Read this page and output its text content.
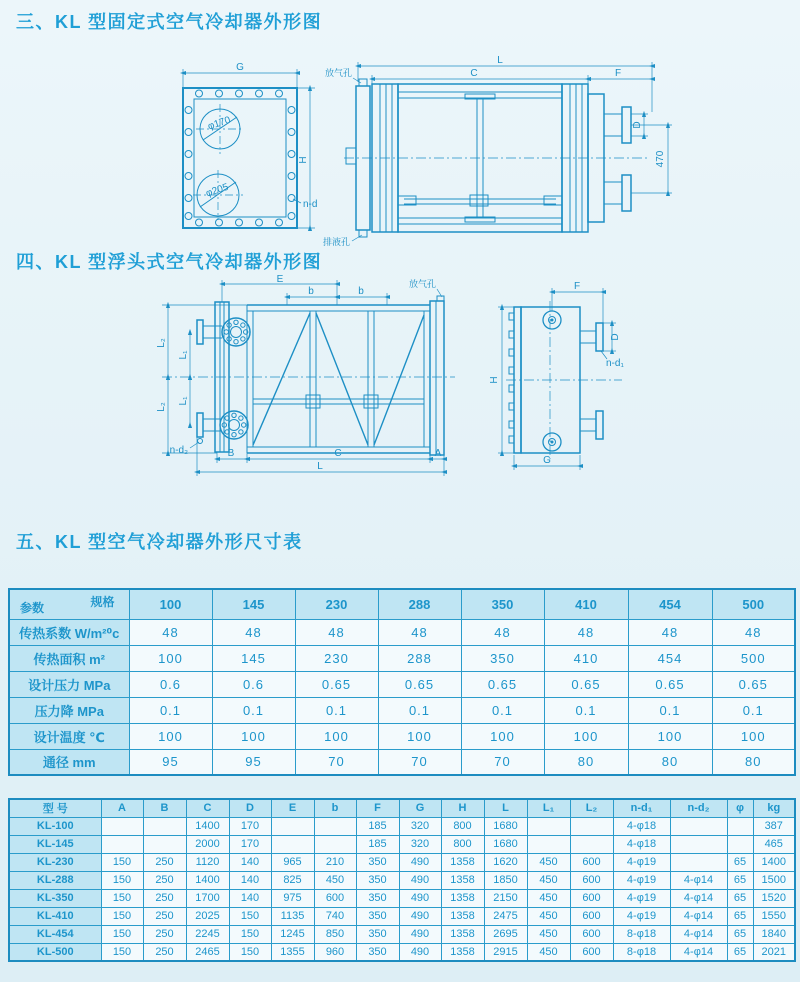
三、KL 型固定式空气冷却器外形图
G
H
n-d
φ170
φ205
L
C	F
D
470
放气孔
排液孔
四、KL 型浮头式空气冷却器外形图
E
b	b
放气孔
L₂
L₁
L₁
L₂
n-d₂	B	C	A
L
F
D
n-d₁
H
G
五、KL 型空气冷却器外形尺寸表
规格
参数	100	145	230	288	350	410	454	500
传热系数 W/m²⁰c	48	48	48	48	48	48	48	48
传热面积 m²	100	145	230	288	350	410	454	500
设计压力 MPa	0.6	0.6	0.65	0.65	0.65	0.65	0.65	0.65
压力降 MPa	0.1	0.1	0.1	0.1	0.1	0.1	0.1	0.1
设计温度 ℃	100	100	100	100	100	100	100	100
通径 mm	95	95	70	70	70	80	80	80
型 号	A	B	C	D	E	b	F	G	H	L	L₁	L₂	n-d₁	n-d₂	φ	kg
KL-100			1400	170			185	320	800	1680			4-φ18			387
KL-145			2000	170			185	320	800	1680			4-φ18			465
KL-230	150	250	1120	140	965	210	350	490	1358	1620	450	600	4-φ19		65	1400
KL-288	150	250	1400	140	825	450	350	490	1358	1850	450	600	4-φ19	4-φ14	65	1500
KL-350	150	250	1700	140	975	600	350	490	1358	2150	450	600	4-φ19	4-φ14	65	1520
KL-410	150	250	2025	150	1135	740	350	490	1358	2475	450	600	4-φ19	4-φ14	65	1550
KL-454	150	250	2245	150	1245	850	350	490	1358	2695	450	600	8-φ18	4-φ14	65	1840
KL-500	150	250	2465	150	1355	960	350	490	1358	2915	450	600	8-φ18	4-φ14	65	2021
